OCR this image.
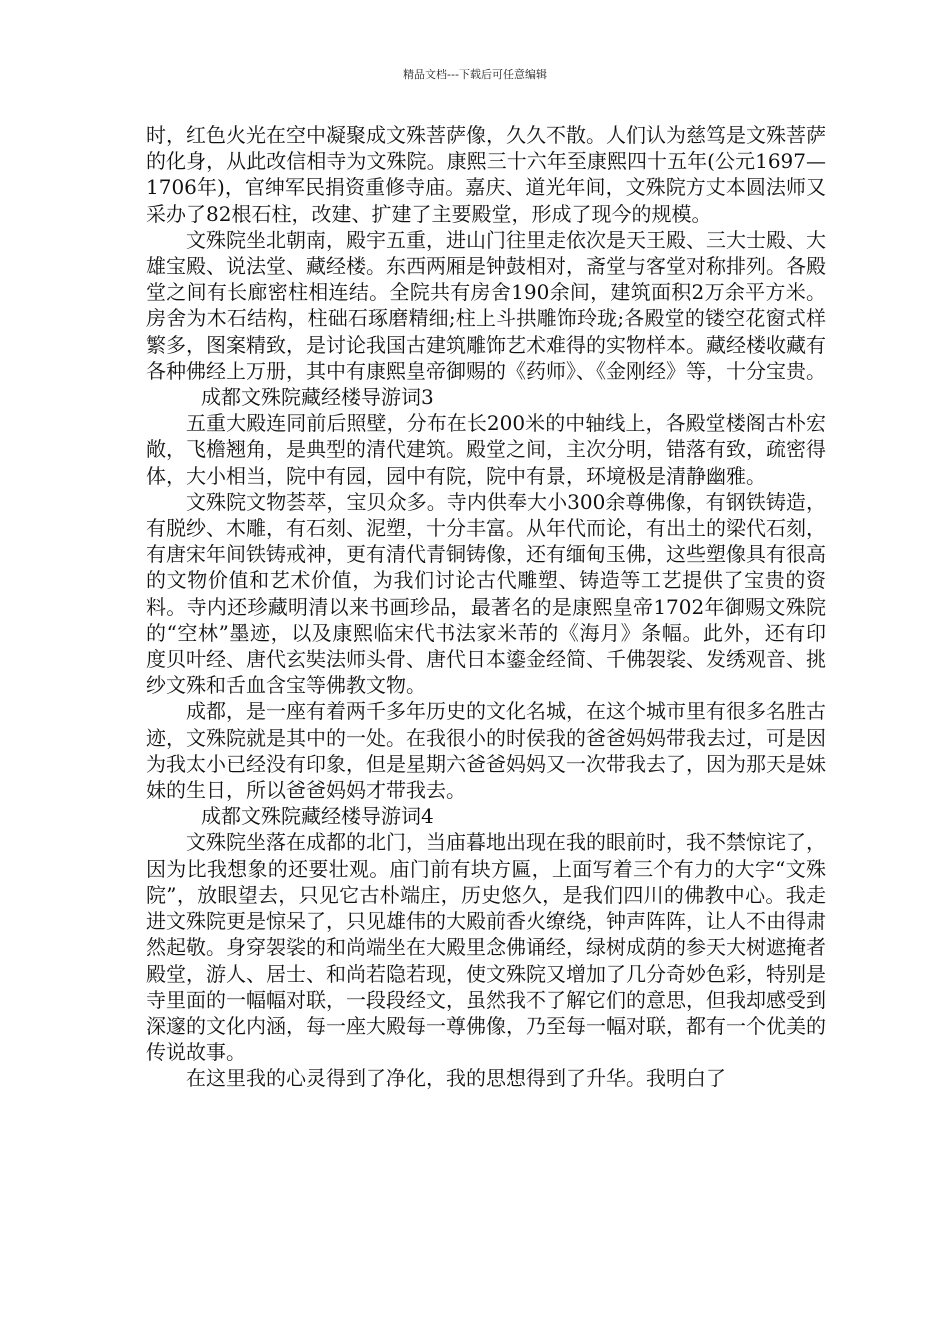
精品文档---下载后可任意编辑

时，红色火光在空中凝聚成文殊菩萨像，久久不散。人们认为慈笃是文殊菩萨的化身，从此改信相寺为文殊院。康熙三十六年至康熙四十五年(公元1697—1706年)，官绅军民捐资重修寺庙。嘉庆、道光年间，文殊院方丈本圆法师又采办了82根石柱，改建、扩建了主要殿堂，形成了现今的规模。

文殊院坐北朝南，殿宇五重，进山门往里走依次是天王殿、三大士殿、大雄宝殿、说法堂、藏经楼。东西两厢是钟鼓相对，斋堂与客堂对称排列。各殿堂之间有长廊密柱相连结。全院共有房舍190余间，建筑面积2万余平方米。房舍为木石结构，柱础石琢磨精细;柱上斗拱雕饰玲珑;各殿堂的镂空花窗式样繁多，图案精致，是讨论我国古建筑雕饰艺术难得的实物样本。藏经楼收藏有各种佛经上万册，其中有康熙皇帝御赐的《药师》、《金刚经》等，十分宝贵。

成都文殊院藏经楼导游词3

五重大殿连同前后照壁，分布在长200米的中轴线上，各殿堂楼阁古朴宏敞，飞檐翘角，是典型的清代建筑。殿堂之间，主次分明，错落有致，疏密得体，大小相当，院中有园，园中有院，院中有景，环境极是清静幽雅。

文殊院文物荟萃，宝贝众多。寺内供奉大小300余尊佛像，有钢铁铸造，有脱纱、木雕，有石刻、泥塑，十分丰富。从年代而论，有出土的梁代石刻，有唐宋年间铁铸戒神，更有清代青铜铸像，还有缅甸玉佛，这些塑像具有很高的文物价值和艺术价值，为我们讨论古代雕塑、铸造等工艺提供了宝贵的资料。寺内还珍藏明清以来书画珍品，最著名的是康熙皇帝1702年御赐文殊院的“空林”墨迹，以及康熙临宋代书法家米芾的《海月》条幅。此外，还有印度贝叶经、唐代玄奘法师头骨、唐代日本鎏金经简、千佛袈裟、发绣观音、挑纱文殊和舌血含宝等佛教文物。

成都，是一座有着两千多年历史的文化名城，在这个城市里有很多名胜古迹，文殊院就是其中的一处。在我很小的时侯我的爸爸妈妈带我去过，可是因为我太小已经没有印象，但是星期六爸爸妈妈又一次带我去了，因为那天是妹妹的生日，所以爸爸妈妈才带我去。

成都文殊院藏经楼导游词4

文殊院坐落在成都的北门，当庙暮地出现在我的眼前时，我不禁惊诧了，因为比我想象的还要壮观。庙门前有块方匾，上面写着三个有力的大字“文殊院”，放眼望去，只见它古朴端庄，历史悠久，是我们四川的佛教中心。我走进文殊院更是惊呆了，只见雄伟的大殿前香火缭绕，钟声阵阵，让人不由得肃然起敬。身穿袈裟的和尚端坐在大殿里念佛诵经，绿树成荫的参天大树遮掩者殿堂，游人、居士、和尚若隐若现，使文殊院又增加了几分奇妙色彩，特别是寺里面的一幅幅对联，一段段经文，虽然我不了解它们的意思，但我却感受到深邃的文化内涵，每一座大殿每一尊佛像，乃至每一幅对联，都有一个优美的传说故事。

在这里我的心灵得到了净化，我的思想得到了升华。我明白了
